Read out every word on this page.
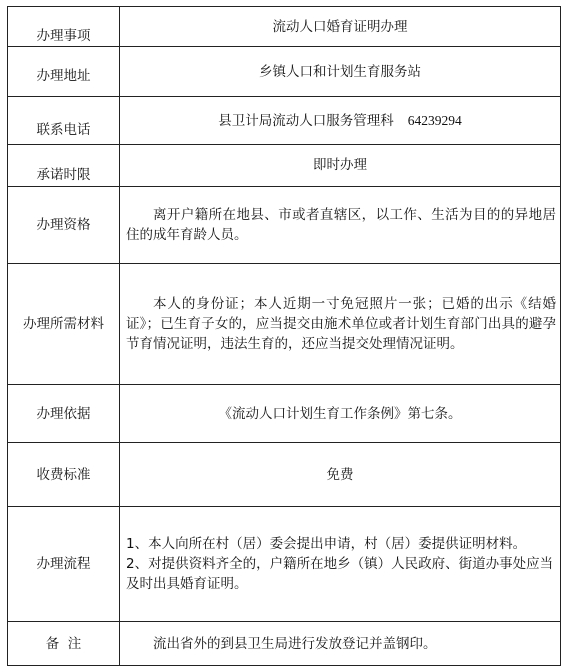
办理事项	流动人口婚育证明办理

办理地址	乡镇人口和计划生育服务站

联系电话	县卫计局流动人口服务管理科 64239294

承诺时限	即时办理

办理资格	离开户籍所在地县、市或者直辖区，以工作、生活为目的的异地居住的成年育龄人员。

办理所需材料	本人的身份证；本人近期一寸免冠照片一张；已婚的出示《结婚证》；已生育子女的，应当提交由施术单位或者计划生育部门出具的避孕节育情况证明，违法生育的，还应当提交处理情况证明。

办理依据	《流动人口计划生育工作条例》第七条。

收费标准	免费

办理流程	1、本人向所在村（居）委会提出申请，村（居）委提供证明材料。
2、对提供资料齐全的，户籍所在地乡（镇）人民政府、街道办事处应当及时出具婚育证明。

备  注	流出省外的到县卫生局进行发放登记并盖钢印。
